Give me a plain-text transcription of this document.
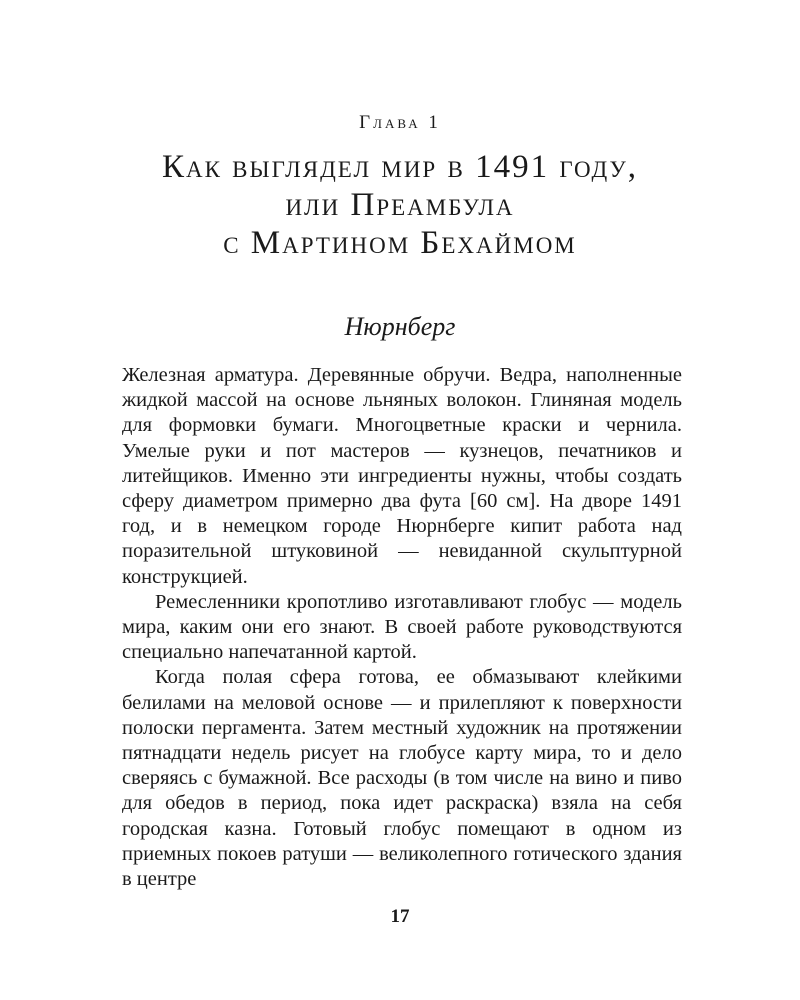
Глава 1
Как выглядел мир в 1491 году,
или Преамбула
с Мартином Бехаймом
Нюрнберг

Железная арматура. Деревянные обручи. Ведра, наполненные жидкой массой на основе льняных волокон. Глиняная модель для формовки бумаги. Многоцветные краски и чернила. Умелые руки и пот мастеров — кузнецов, печатников и литейщиков. Именно эти ингредиенты нужны, чтобы создать сферу диаметром примерно два фута [60 см]. На дворе 1491 год, и в немецком городе Нюрнберге кипит работа над поразительной штуковиной — невиданной скульптурной конструкцией.

Ремесленники кропотливо изготавливают глобус — модель мира, каким они его знают. В своей работе руководствуются специально напечатанной картой.

Когда полая сфера готова, ее обмазывают клейкими белилами на меловой основе — и прилепляют к поверхности полоски пергамента. Затем местный художник на протяжении пятнадцати недель рисует на глобусе карту мира, то и дело сверяясь с бумажной. Все расходы (в том числе на вино и пиво для обедов в период, пока идет раскраска) взяла на себя городская казна. Готовый глобус помещают в одном из приемных покоев ратуши — великолепного готического здания в центре

17
